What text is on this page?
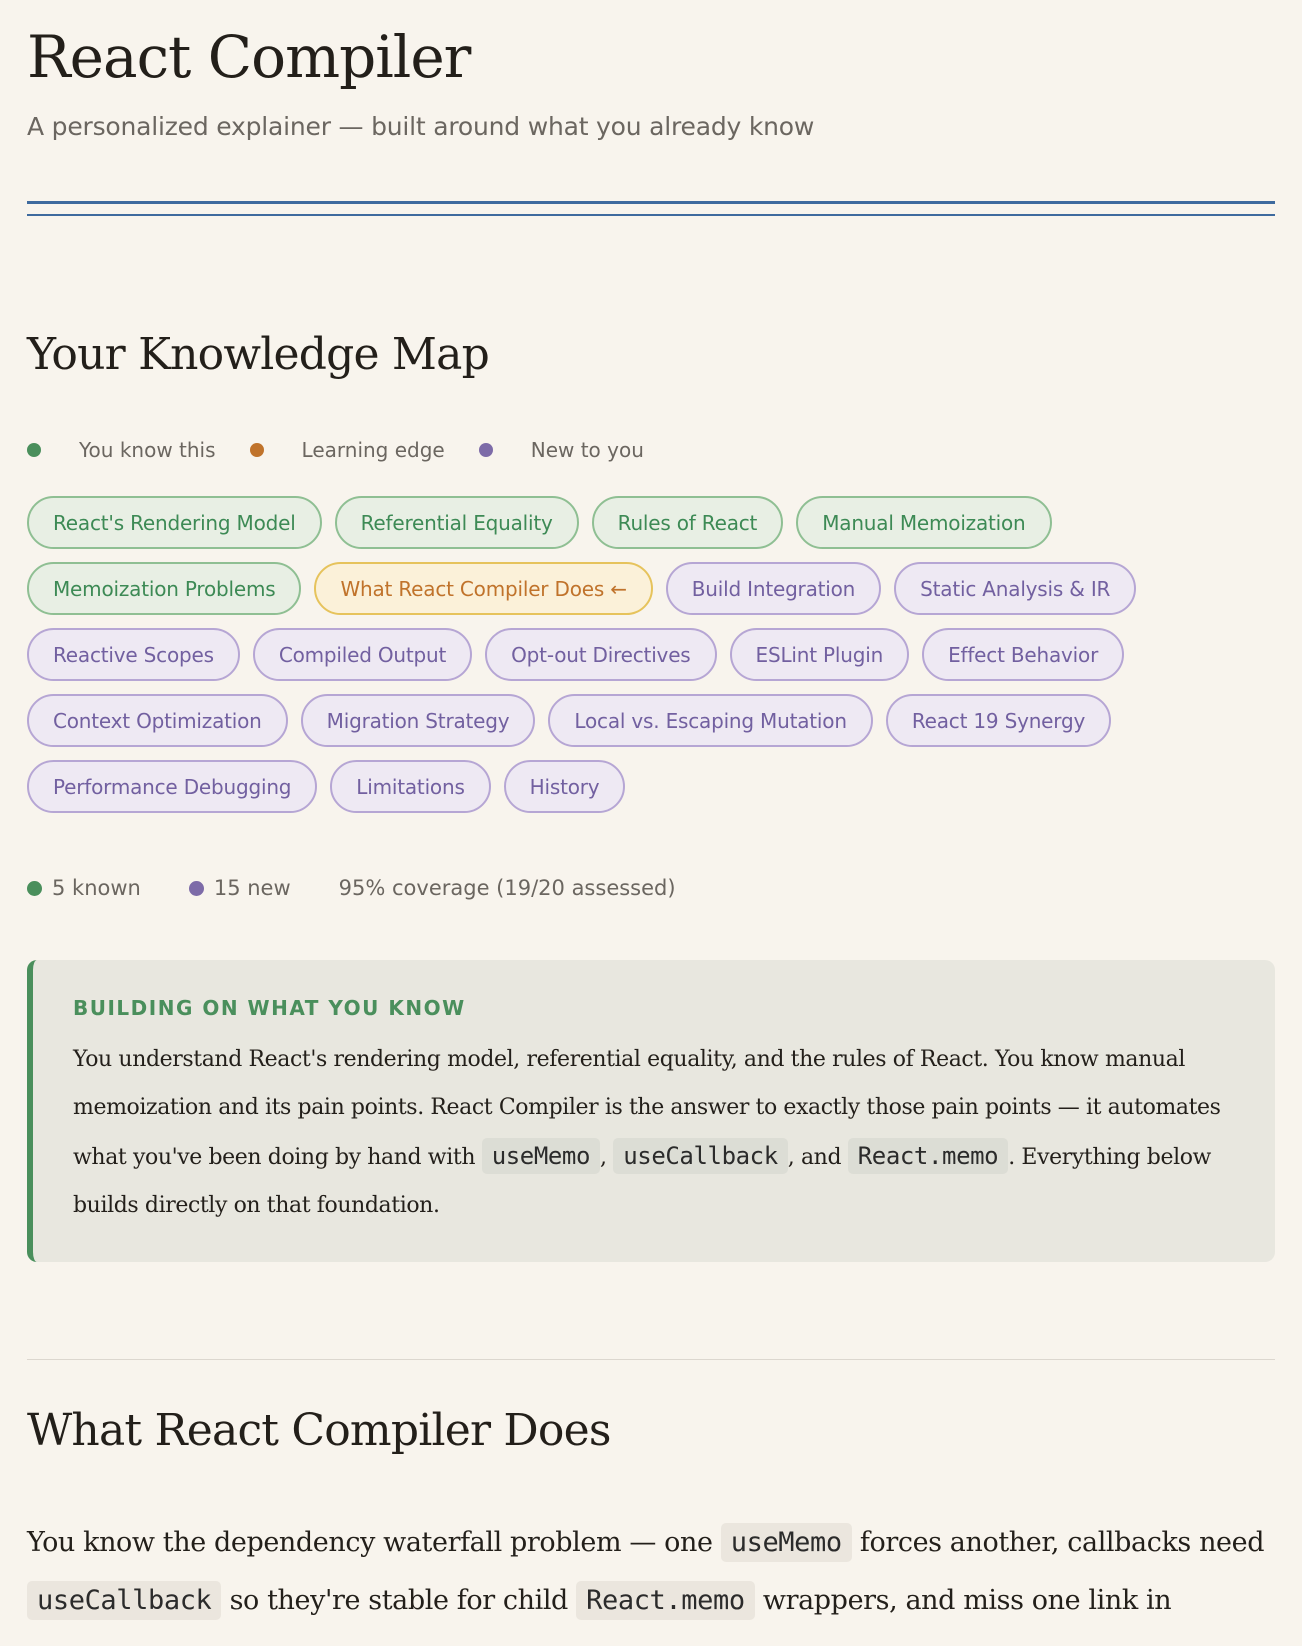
React Compiler
A personalized explainer — built around what you already know
Your Knowledge Map
You know this	Learning edge	New to you
React's Rendering Model	Referential Equality	Rules of React	Manual Memoization
Memoization Problems	What React Compiler Does ←	Build Integration	Static Analysis & IR
Reactive Scopes	Compiled Output	Opt-out Directives	ESLint Plugin	Effect Behavior
Context Optimization	Migration Strategy	Local vs. Escaping Mutation	React 19 Synergy
Performance Debugging	Limitations	History
5 known	15 new 95% coverage (19/20 assessed)
BUILDING ON WHAT YOU KNOW
You understand React's rendering model, referential equality, and the rules of React. You know manual memoization and its pain points. React Compiler is the answer to exactly those pain points — it automates what you've been doing by hand with useMemo , useCallback , and React.memo . Everything below builds directly on that foundation.
What React Compiler Does
You know the dependency waterfall problem — one useMemo forces another, callbacks need useCallback so they're stable for child React.memo wrappers, and miss one link in
